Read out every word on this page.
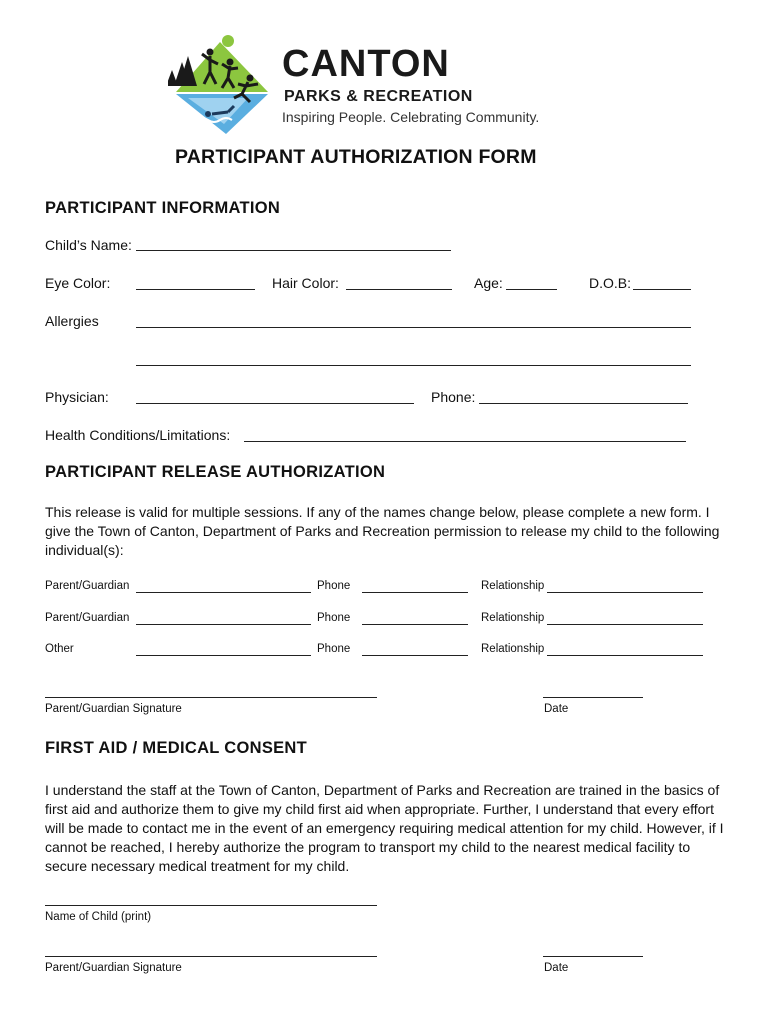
CANTON
PARKS & RECREATION
Inspiring People. Celebrating Community.
PARTICIPANT AUTHORIZATION FORM
PARTICIPANT INFORMATION
Child’s Name:
Eye Color:	Hair Color:	Age:	D.O.B:
Allergies
Physician:	Phone:
Health Conditions/Limitations:
PARTICIPANT RELEASE AUTHORIZATION
This release is valid for multiple sessions. If any of the names change below, please complete a new form. I give the Town of Canton, Department of Parks and Recreation permission to release my child to the following individual(s):
Parent/Guardian	Phone	Relationship
Parent/Guardian	Phone	Relationship
Other	Phone	Relationship
Parent/Guardian Signature	Date
FIRST AID / MEDICAL CONSENT
I understand the staff at the Town of Canton, Department of Parks and Recreation are trained in the basics of first aid and authorize them to give my child first aid when appropriate. Further, I understand that every effort will be made to contact me in the event of an emergency requiring medical attention for my child. However, if I cannot be reached, I hereby authorize the program to transport my child to the nearest medical facility to secure necessary medical treatment for my child.
Name of Child (print)
Parent/Guardian Signature	Date
